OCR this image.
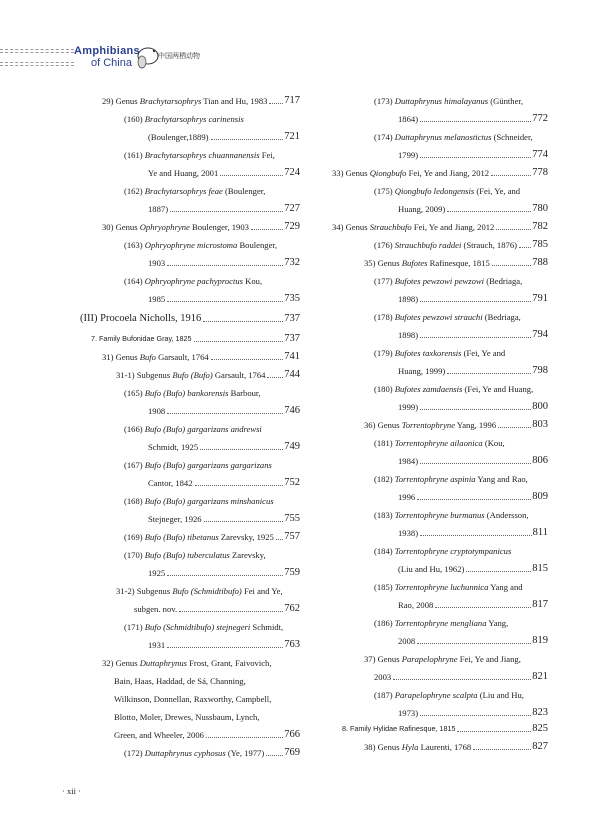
Amphibians
of China
中国两栖动物
29) Genus Brachytarsophrys Tian and Hu, 1983 717
(160) Brachytarsophrys carinensis
(Boulenger,1889)	721
(161) Brachytarsophrys chuannanensis Fei,
Ye and Huang, 2001	724
(162) Brachytarsophrys feae (Boulenger,
1887)	727
30) Genus Ophryophryne Boulenger, 1903	729
(163) Ophryophryne microstoma Boulenger,
1903	732
(164) Ophryophryne pachyproctus Kou,
1985	735
(III) Procoela Nicholls, 1916	737
7. Family Bufonidae Gray, 1825	737
31) Genus Bufo Garsault, 1764	741
31-1) Subgenus Bufo (Bufo) Garsault, 1764 744
(165) Bufo (Bufo) bankorensis Barbour,
1908	746
(166) Bufo (Bufo) gargarizans andrewsi
Schmidt, 1925	749
(167) Bufo (Bufo) gargarizans gargarizans
Cantor, 1842	752
(168) Bufo (Bufo) gargarizans minshanicus
Stejneger, 1926	755
(169) Bufo (Bufo) tibetanus Zarevsky, 1925 757
(170) Bufo (Bufo) tuberculatus Zarevsky,
1925	759
31-2) Subgenus Bufo (Schmidtibufo) Fei and Ye,
subgen. nov.	762
(171) Bufo (Schmidtibufo) stejnegeri Schmidt,
1931	763
32) Genus Duttaphrynus Frost, Grant, Faivovich,
Bain, Haas, Haddad, de Sá, Channing,
Wilkinson, Donnellan, Raxworthy, Campbell,
Blotto, Moler, Drewes, Nussbaum, Lynch,
Green, and Wheeler, 2006	766
(172) Duttaphrynus cyphosus (Ye, 1977) 769
(173) Duttaphrynus himalayanus (Günther,
1864)	772
(174) Duttaphrynus melanostictus (Schneider,
1799)	774
33) Genus Qiongbufo Fei, Ye and Jiang, 2012	778
(175) Qiongbufo ledongensis (Fei, Ye, and
Huang, 2009)	780
34) Genus Strauchbufo Fei, Ye and Jiang, 2012	782
(176) Strauchbufo raddei (Strauch, 1876) 785
35) Genus Bufotes Rafinesque, 1815	788
(177) Bufotes pewzowi pewzowi (Bedriaga,
1898)	791
(178) Bufotes pewzowi strauchi (Bedriaga,
1898)	794
(179) Bufotes taxkorensis (Fei, Ye and
Huang, 1999)	798
(180) Bufotes zamdaensis (Fei, Ye and Huang,
1999)	800
36) Genus Torrentophryne Yang, 1996	803
(181) Torrentophryne ailaonica (Kou,
1984)	806
(182) Torrentophryne aspinia Yang and Rao,
1996	809
(183) Torrentophryne burmanus (Andersson,
1938)	811
(184) Torrentophryne cryptotympanicus
(Liu and Hu, 1962)	815
(185) Torrentophryne luchunnica Yang and
Rao, 2008	817
(186) Torrentophryne mengliana Yang,
2008	819
37) Genus Parapelophryne Fei, Ye and Jiang,
2003	821
(187) Parapelophryne scalpta (Liu and Hu,
1973)	823
8. Family Hylidae Rafinesque, 1815	825
38) Genus Hyla Laurenti, 1768	827
· xii ·
